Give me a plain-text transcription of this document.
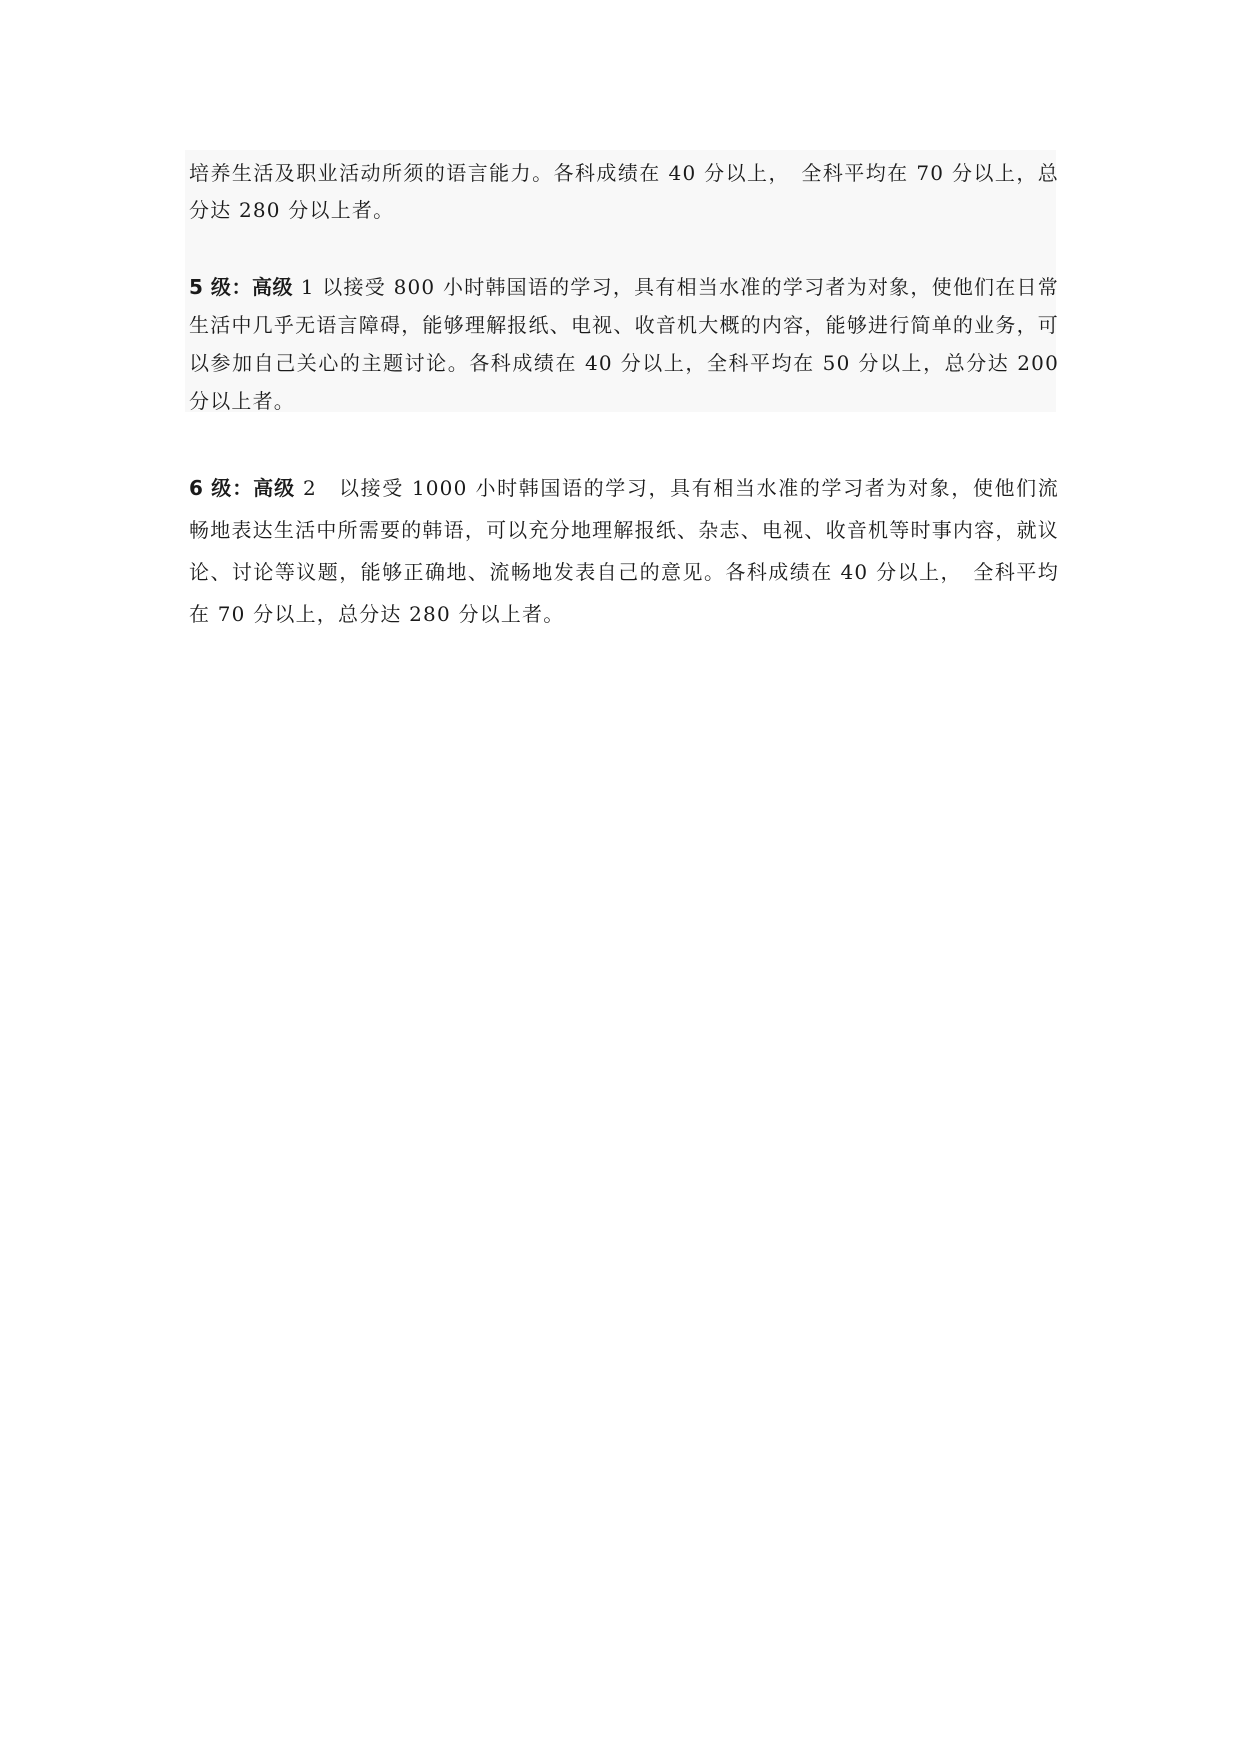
培养生活及职业活动所须的语言能力。各科成绩在 40 分以上，　全科平均在 70 分以上，总分达 280 分以上者。

5 级：高级 1 以接受 800 小时韩国语的学习，具有相当水准的学习者为对象，使他们在日常生活中几乎无语言障碍，能够理解报纸、电视、收音机大概的内容，能够进行简单的业务，可以参加自己关心的主题讨论。各科成绩在 40 分以上，全科平均在 50 分以上，总分达 200 分以上者。

6 级：高级 2　以接受 1000 小时韩国语的学习，具有相当水准的学习者为对象，使他们流畅地表达生活中所需要的韩语，可以充分地理解报纸、杂志、电视、收音机等时事内容，就议论、讨论等议题，能够正确地、流畅地发表自己的意见。各科成绩在 40 分以上，　全科平均在 70 分以上，总分达 280 分以上者。
